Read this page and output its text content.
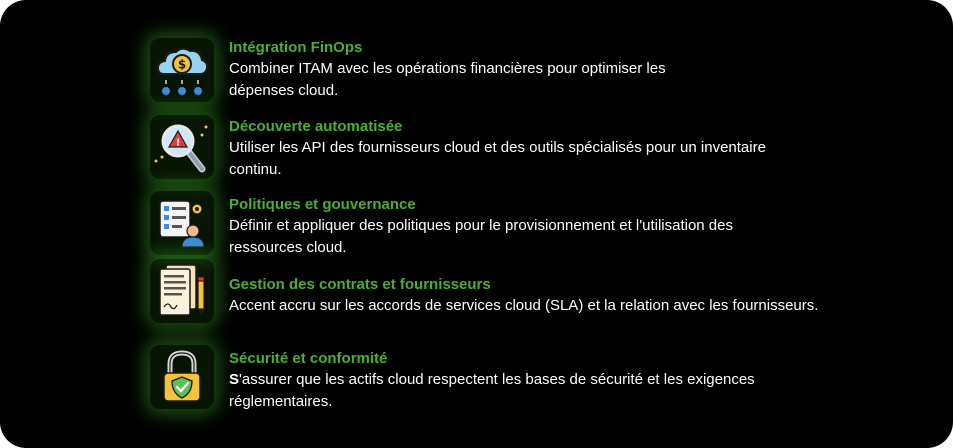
$
Intégration FinOps
Combiner ITAM avec les opérations financières pour optimiser les
dépenses cloud.
!
Découverte automatisée
Utiliser les API des fournisseurs cloud et des outils spécialisés pour un inventaire
continu.
Politiques et gouvernance
Définir et appliquer des politiques pour le provisionnement et l'utilisation des
ressources cloud.
Gestion des contrats et fournisseurs
Accent accru sur les accords de services cloud (SLA) et la relation avec les fournisseurs.
Sécurité et conformité
S'assurer que les actifs cloud respectent les bases de sécurité et les exigences
réglementaires.
